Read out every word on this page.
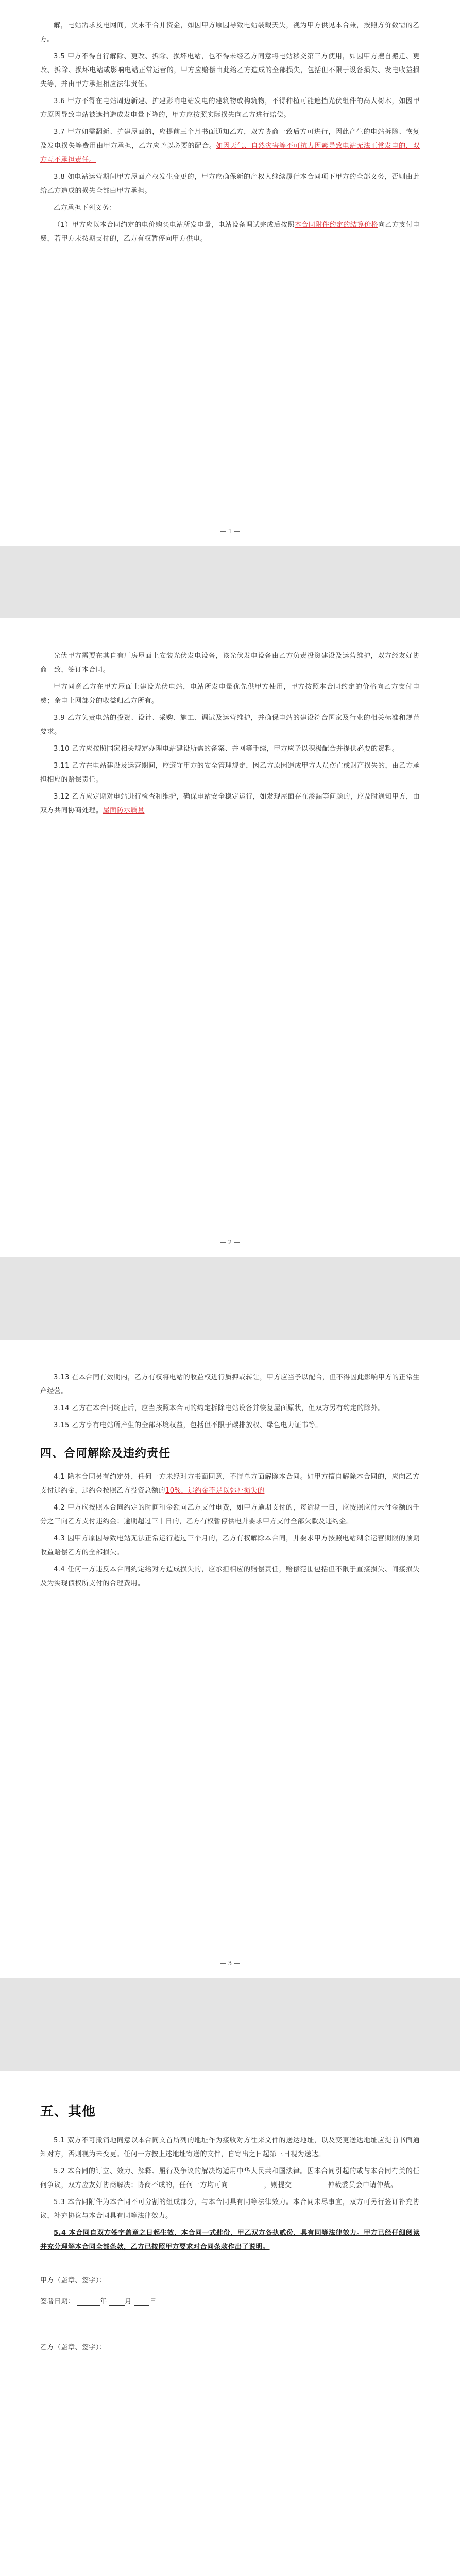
解，电站需求及电网间，夹末不合并资金，如因甲方原因导致电站装载天失，视为甲方供见本合兼，按照方价数需的乙方。

3.5 甲方不得自行解除、更改、拆除、损坏电站，也不得未经乙方同意将电站移交第三方使用，如因甲方擅自搬迁、更改、拆除、损坏电站或影响电站正常运营的，甲方应赔偿由此给乙方造成的全部损失，包括但不限于设备损失、发电收益损失等，并由甲方承担相应法律责任。

3.6 甲方不得在电站周边新建、扩建影响电站发电的建筑物或构筑物，不得种植可能遮挡光伏组件的高大树木，如因甲方原因导致电站被遮挡造成发电量下降的，甲方应按照实际损失向乙方进行赔偿。

3.7 甲方如需翻新、扩建屋面的，应提前三个月书面通知乙方，双方协商一致后方可进行，因此产生的电站拆除、恢复及发电损失等费用由甲方承担，乙方应予以必要的配合。如因天气、自然灾害等不可抗力因素导致电站无法正常发电的，双方互不承担责任。

3.8 如电站运营期间甲方屋面产权发生变更的，甲方应确保新的产权人继续履行本合同项下甲方的全部义务，否则由此给乙方造成的损失全部由甲方承担。

乙方承担下列义务：

（1）甲方应以本合同约定的电价购买电站所发电量，电站设备调试完成后按照本合同附件约定的结算价格向乙方支付电费，若甲方未按期支付的，乙方有权暂停向甲方供电。

— 1 —

光伏甲方需要在其自有厂房屋面上安装光伏发电设备，该光伏发电设备由乙方负责投资建设及运营维护，双方经友好协商一致，签订本合同。

甲方同意乙方在甲方屋面上建设光伏电站，电站所发电量优先供甲方使用，甲方按照本合同约定的价格向乙方支付电费；余电上网部分的收益归乙方所有。

3.9 乙方负责电站的投资、设计、采购、施工、调试及运营维护，并确保电站的建设符合国家及行业的相关标准和规范要求。

3.10 乙方应按照国家相关规定办理电站建设所需的备案、并网等手续，甲方应予以积极配合并提供必要的资料。

3.11 乙方在电站建设及运营期间，应遵守甲方的安全管理规定，因乙方原因造成甲方人员伤亡或财产损失的，由乙方承担相应的赔偿责任。

3.12 乙方应定期对电站进行检查和维护，确保电站安全稳定运行，如发现屋面存在渗漏等问题的，应及时通知甲方，由双方共同协商处理。屋面防水质量

— 2 —

3.13 在本合同有效期内，乙方有权将电站的收益权进行质押或转让，甲方应当予以配合，但不得因此影响甲方的正常生产经营。

3.14 乙方在本合同终止后，应当按照本合同的约定拆除电站设备并恢复屋面原状，但双方另有约定的除外。

3.15 乙方享有电站所产生的全部环境权益，包括但不限于碳排放权、绿色电力证书等。

四、合同解除及违约责任

4.1 除本合同另有约定外，任何一方未经对方书面同意，不得单方面解除本合同。如甲方擅自解除本合同的，应向乙方支付违约金，违约金按照乙方投资总额的10%，违约金不足以弥补损失的

4.2 甲方应按照本合同约定的时间和金额向乙方支付电费，如甲方逾期支付的，每逾期一日，应按照应付未付金额的千分之三向乙方支付违约金；逾期超过三十日的，乙方有权暂停供电并要求甲方支付全部欠款及违约金。

4.3 因甲方原因导致电站无法正常运行超过三个月的，乙方有权解除本合同，并要求甲方按照电站剩余运营期限的预期收益赔偿乙方的全部损失。

4.4 任何一方违反本合同约定给对方造成损失的，应承担相应的赔偿责任，赔偿范围包括但不限于直接损失、间接损失及为实现债权所支付的合理费用。

— 3 —
五、其他

5.1 双方不可撤销地同意以本合同文首所列的地址作为接收对方往来文件的送达地址，以及变更送达地址应提前书面通知对方，否则视为未变更。任何一方按上述地址寄送的文件，自寄出之日起第三日视为送达。

5.2 本合同的订立、效力、解释、履行及争议的解决均适用中华人民共和国法律。因本合同引起的或与本合同有关的任何争议，双方应友好协商解决；协商不成的，任何一方均可向	，则提交	仲裁委员会申请仲裁。

5.3 本合同附件为本合同不可分割的组成部分，与本合同具有同等法律效力。本合同未尽事宜，双方可另行签订补充协议，补充协议与本合同具有同等法律效力。

5.4 本合同自双方签字盖章之日起生效，本合同一式肆份，甲乙双方各执贰份，具有同等法律效力。甲方已经仔细阅读并充分理解本合同全部条款，乙方已按照甲方要求对合同条款作出了说明。

甲方（盖章、签字）：
签署日期：	年	月	日
乙方（盖章、签字）：
